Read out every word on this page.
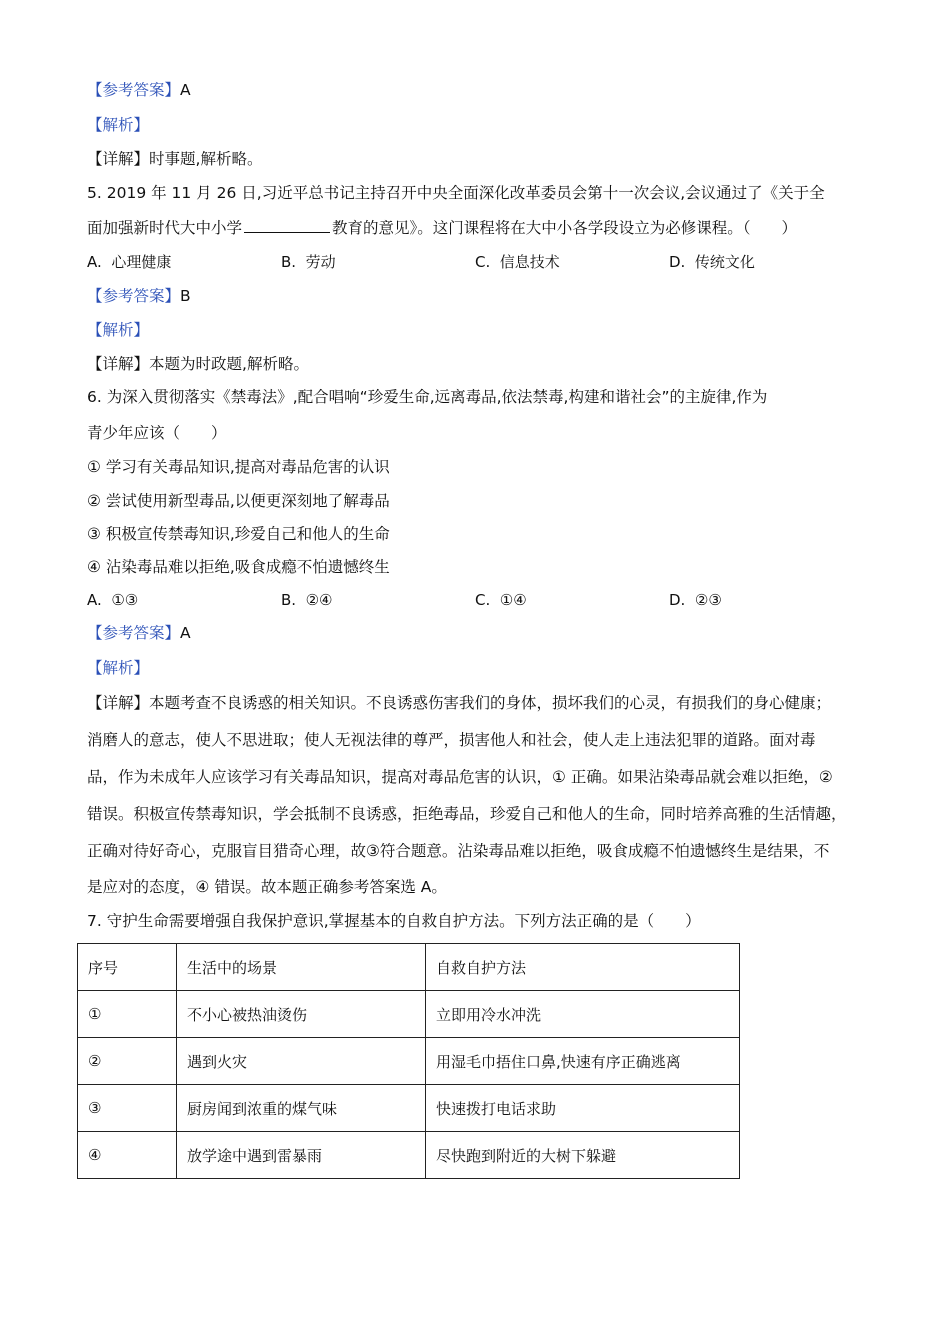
【参考答案】A
【解析】
【详解】时事题,解析略。
5. 2019 年 11 月 26 日,习近平总书记主持召开中央全面深化改革委员会第十一次会议,会议通过了《关于全
面加强新时代大中小学	教育的意见》。这门课程将在大中小各学段设立为必修课程。（　　）
A. 心理健康	B. 劳动	C. 信息技术	D. 传统文化
【参考答案】B
【解析】
【详解】本题为时政题,解析略。
6. 为深入贯彻落实《禁毒法》,配合唱响“珍爱生命,远离毒品,依法禁毒,构建和谐社会”的主旋律,作为
青少年应该（　　）
① 学习有关毒品知识,提高对毒品危害的认识
② 尝试使用新型毒品,以便更深刻地了解毒品
③ 积极宣传禁毒知识,珍爱自己和他人的生命
④ 沾染毒品难以拒绝,吸食成瘾不怕遗憾终生
A. ①③	B. ②④	C. ①④	D. ②③
【参考答案】A
【解析】
【详解】本题考查不良诱惑的相关知识。不良诱惑伤害我们的身体，损坏我们的心灵，有损我们的身心健康；
消磨人的意志，使人不思进取；使人无视法律的尊严，损害他人和社会，使人走上违法犯罪的道路。面对毒
品，作为未成年人应该学习有关毒品知识，提高对毒品危害的认识，① 正确。如果沾染毒品就会难以拒绝，②
错误。积极宣传禁毒知识，学会抵制不良诱惑，拒绝毒品，珍爱自己和他人的生命，同时培养高雅的生活情趣，
正确对待好奇心，克服盲目猎奇心理，故③符合题意。沾染毒品难以拒绝，吸食成瘾不怕遗憾终生是结果，不
是应对的态度，④ 错误。故本题正确参考答案选 A。
7. 守护生命需要增强自我保护意识,掌握基本的自救自护方法。下列方法正确的是（　　）
序号	生活中的场景	自救自护方法
①	不小心被热油烫伤	立即用冷水冲洗
②	遇到火灾	用湿毛巾捂住口鼻,快速有序正确逃离
③	厨房闻到浓重的煤气味	快速拨打电话求助
④	放学途中遇到雷暴雨	尽快跑到附近的大树下躲避
